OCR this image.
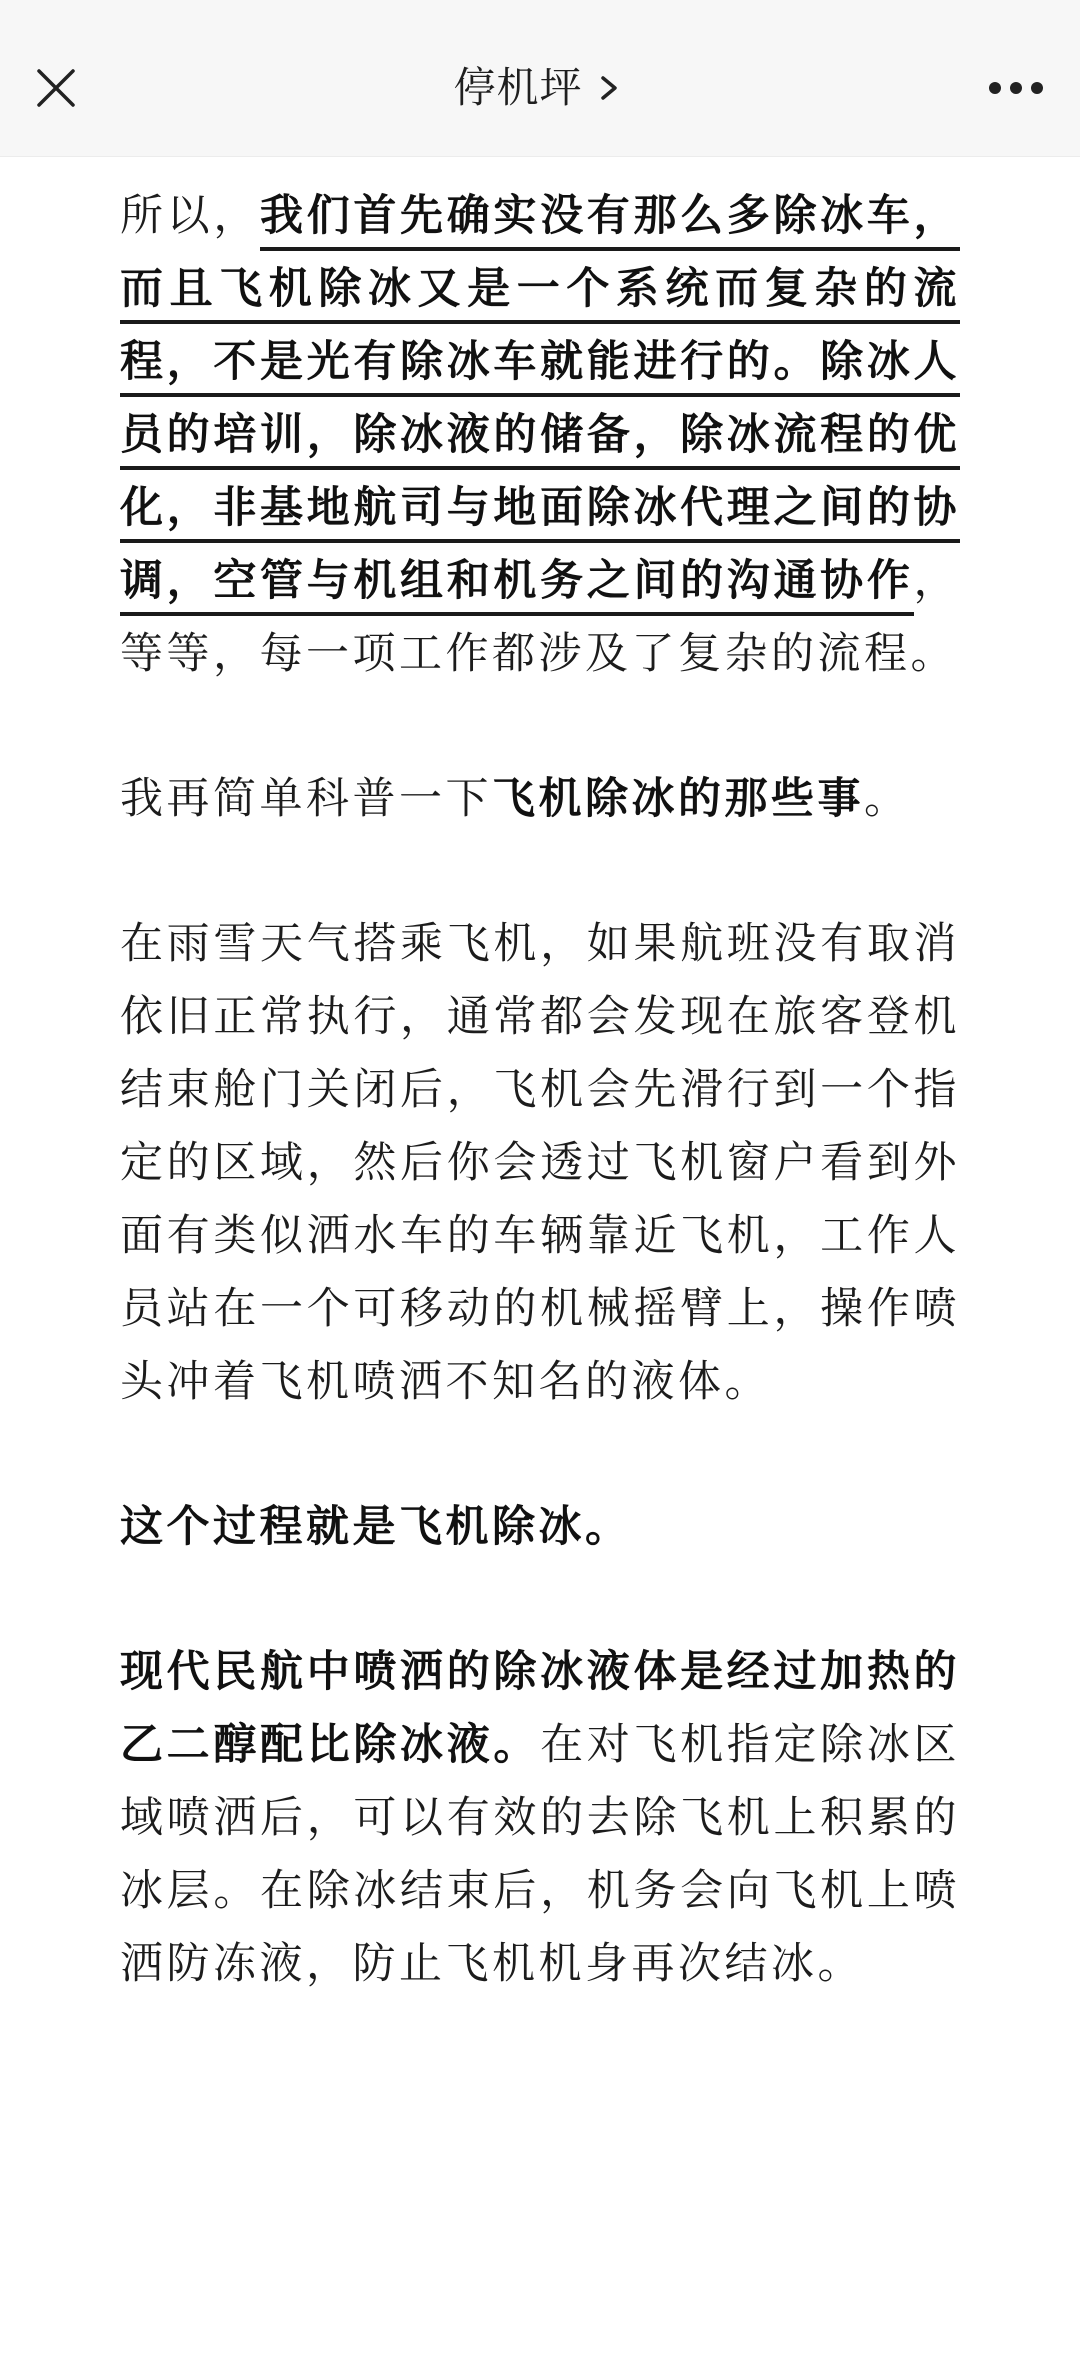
停机坪

所以，我们首先确实没有那么多除冰车，而且飞机除冰又是一个系统而复杂的流程，不是光有除冰车就能进行的。除冰人员的培训，除冰液的储备，除冰流程的优化，非基地航司与地面除冰代理之间的协调，空管与机组和机务之间的沟通协作，等等，每一项工作都涉及了复杂的流程。

我再简单科普一下飞机除冰的那些事。

在雨雪天气搭乘飞机，如果航班没有取消依旧正常执行，通常都会发现在旅客登机结束舱门关闭后，飞机会先滑行到一个指定的区域，然后你会透过飞机窗户看到外面有类似洒水车的车辆靠近飞机，工作人员站在一个可移动的机械摇臂上，操作喷头冲着飞机喷洒不知名的液体。

这个过程就是飞机除冰。

现代民航中喷洒的除冰液体是经过加热的乙二醇配比除冰液。在对飞机指定除冰区域喷洒后，可以有效的去除飞机上积累的冰层。在除冰结束后，机务会向飞机上喷洒防冻液，防止飞机机身再次结冰。
